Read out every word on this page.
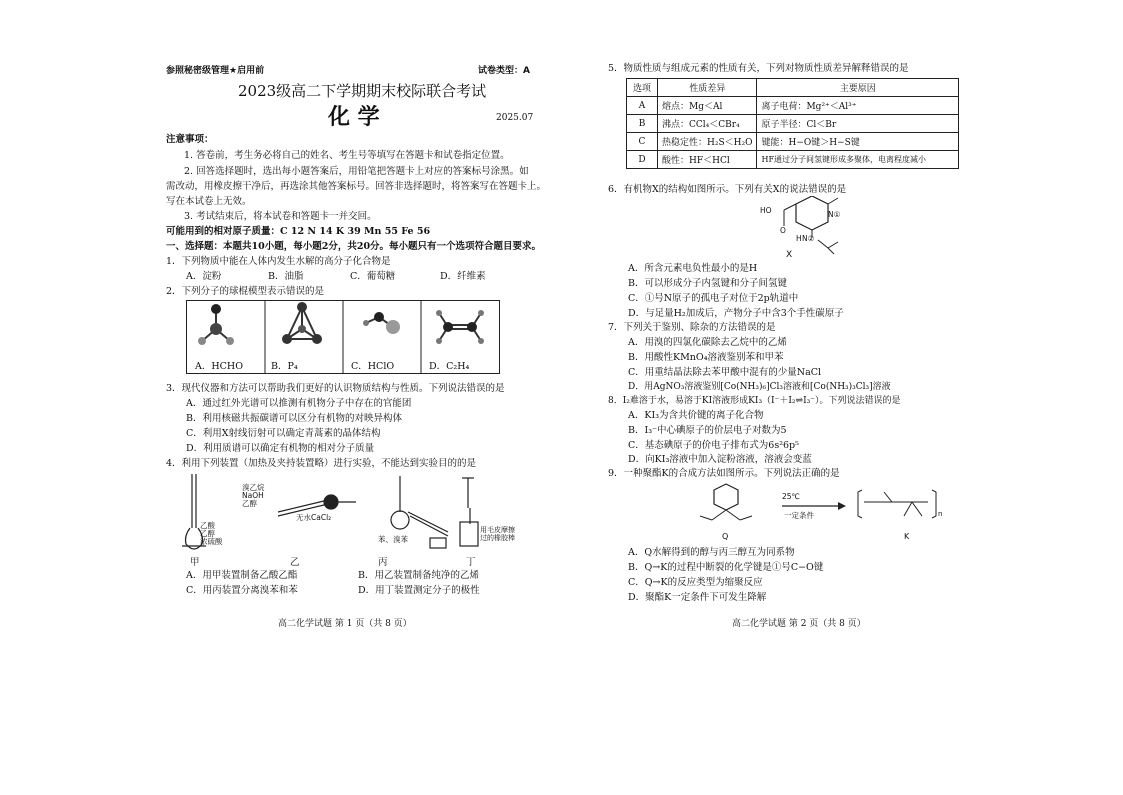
参照秘密级管理★启用前	试卷类型：A
2023级高二下学期期末校际联合考试
化 学	2025.07
注意事项：
1. 答卷前，考生务必将自己的姓名、考生号等填写在答题卡和试卷指定位置。
2. 回答选择题时，选出每小题答案后，用铅笔把答题卡上对应的答案标号涂黑。如
需改动，用橡皮擦干净后，再选涂其他答案标号。回答非选择题时，将答案写在答题卡上。
写在本试卷上无效。
3. 考试结束后，将本试卷和答题卡一并交回。
可能用到的相对原子质量：C 12 N 14 K 39 Mn 55 Fe 56
一、选择题：本题共10小题，每小题2分，共20分。每小题只有一个选项符合题目要求。
1．下列物质中能在人体内发生水解的高分子化合物是
A．淀粉	B．油脂	C．葡萄糖	D．纤维素
2．下列分子的球棍模型表示错误的是
A．HCHO	B．P₄	C．HClO	D．C₂H₄
3．现代仪器和方法可以帮助我们更好的认识物质结构与性质。下列说法错误的是
A．通过红外光谱可以推测有机物分子中存在的官能团
B．利用核磁共振碳谱可以区分有机物的对映异构体
C．利用X射线衍射可以确定青蒿素的晶体结构
D．利用质谱可以确定有机物的相对分子质量
4．利用下列装置（加热及夹持装置略）进行实验，不能达到实验目的的是
乙酸
乙醇
浓硫酸
溴乙烷
NaOH
乙醇
无水CaCl₂
苯、溴苯
用毛皮摩擦
过的橡胶棒
甲	乙	丙	丁
A．用甲装置制备乙酸乙酯	B．用乙装置制备纯净的乙烯
C．用丙装置分离溴苯和苯	D．用丁装置测定分子的极性
高二化学试题 第 1 页（共 8 页）
5．物质性质与组成元素的性质有关，下列对物质性质差异解释错误的是
选项	性质差异	主要原因
A	熔点：Mg＜Al	离子电荷：Mg²⁺＜Al³⁺
B	沸点：CCl₄＜CBr₄	原子半径：Cl＜Br
C	热稳定性：H₂S＜H₂O	键能：H−O键＞H−S键
D	酸性：HF＜HCl	HF通过分子间氢键形成多聚体，电离程度减小
6．有机物X的结构如图所示。下列有关X的说法错误的是
HO
O
N①
N②
H
X
A．所含元素电负性最小的是H
B．可以形成分子内氢键和分子间氢键
C．①号N原子的孤电子对位于2p轨道中
D．与足量H₂加成后，产物分子中含3个手性碳原子
7．下列关于鉴别、除杂的方法错误的是
A．用溴的四氯化碳除去乙烷中的乙烯
B．用酸性KMnO₄溶液鉴别苯和甲苯
C．用重结晶法除去苯甲酸中混有的少量NaCl
D．用AgNO₃溶液鉴别[Co(NH₃)₆]Cl₃溶液和[Co(NH₃)₃Cl₃]溶液
8．I₂难溶于水，易溶于KI溶液形成KI₃（I⁻＋I₂⇌I₃⁻）。下列说法错误的是
A．KI₃为含共价键的离子化合物
B．I₃⁻中心碘原子的价层电子对数为5
C．基态碘原子的价电子排布式为6s²6p⁵
D．向KI₃溶液中加入淀粉溶液，溶液会变蓝
9．一种聚酯K的合成方法如图所示。下列说法正确的是
25℃
一定条件
Q	K
n
A．Q水解得到的醇与丙三醇互为同系物
B．Q→K的过程中断裂的化学键是①号C−O键
C．Q→K的反应类型为缩聚反应
D．聚酯K一定条件下可发生降解
高二化学试题 第 2 页（共 8 页）
